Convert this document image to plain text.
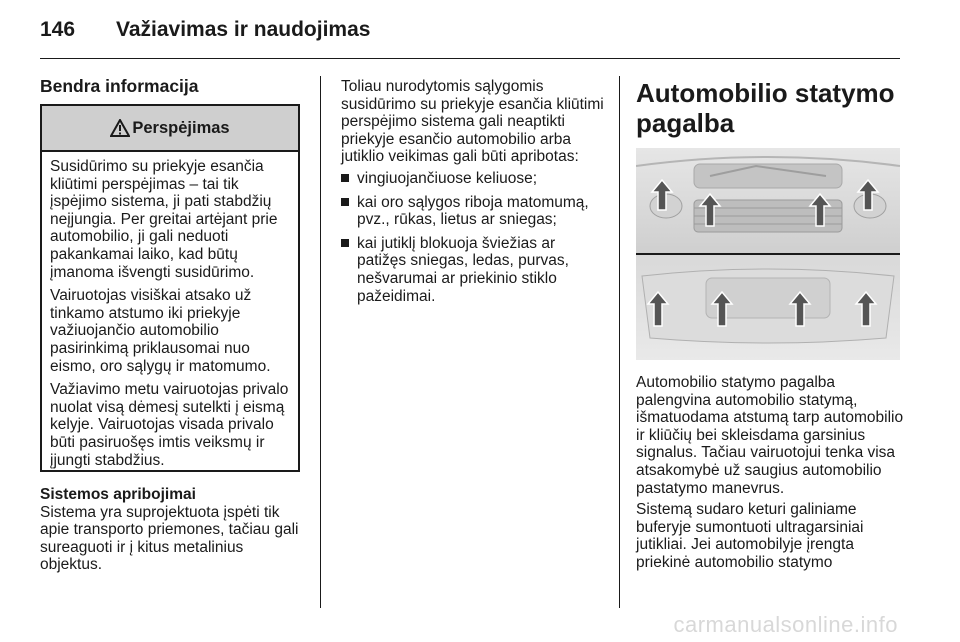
146 Važiavimas ir naudojimas
Bendra informacija
Perspėjimas

Susidūrimo su priekyje esančia kliūtimi perspėjimas – tai tik įspėjimo sistema, ji pati stabdžių neįjungia. Per greitai artėjant prie automobilio, ji gali neduoti pakankamai laiko, kad būtų įmanoma išvengti susidūrimo.

Vairuotojas visiškai atsako už tinkamo atstumo iki priekyje važiuojančio automobilio pasirinkimą priklausomai nuo eismo, oro sąlygų ir matomumo.

Važiavimo metu vairuotojas privalo nuolat visą dėmesį sutelkti į eismą kelyje. Vairuotojas visada privalo būti pasiruošęs imtis veiksmų ir įjungti stabdžius.

Sistemos apribojimai

Sistema yra suprojektuota įspėti tik apie transporto priemones, tačiau gali sureaguoti ir į kitus metalinius objektus.

Toliau nurodytomis sąlygomis susidūrimo su priekyje esančia kliūtimi perspėjimo sistema gali neaptikti priekyje esančio automobilio arba jutiklio veikimas gali būti apribotas:

vingiuojančiuose keliuose;
kai oro sąlygos riboja matomumą, pvz., rūkas, lietus ar sniegas;
kai jutiklį blokuoja šviežias ar patižęs sniegas, ledas, purvas, nešvarumai ar priekinio stiklo pažeidimai.
Automobilio statymo pagalba

Automobilio statymo pagalba palengvina automobilio statymą, išmatuodama atstumą tarp automobilio ir kliūčių bei skleisdama garsinius signalus. Tačiau vairuotojui tenka visa atsakomybė už saugius automobilio pastatymo manevrus.

Sistemą sudaro keturi galiniame buferyje sumontuoti ultragarsiniai jutikliai. Jei automobilyje įrengta priekinė automobilio statymo

carmanualsonline.info
